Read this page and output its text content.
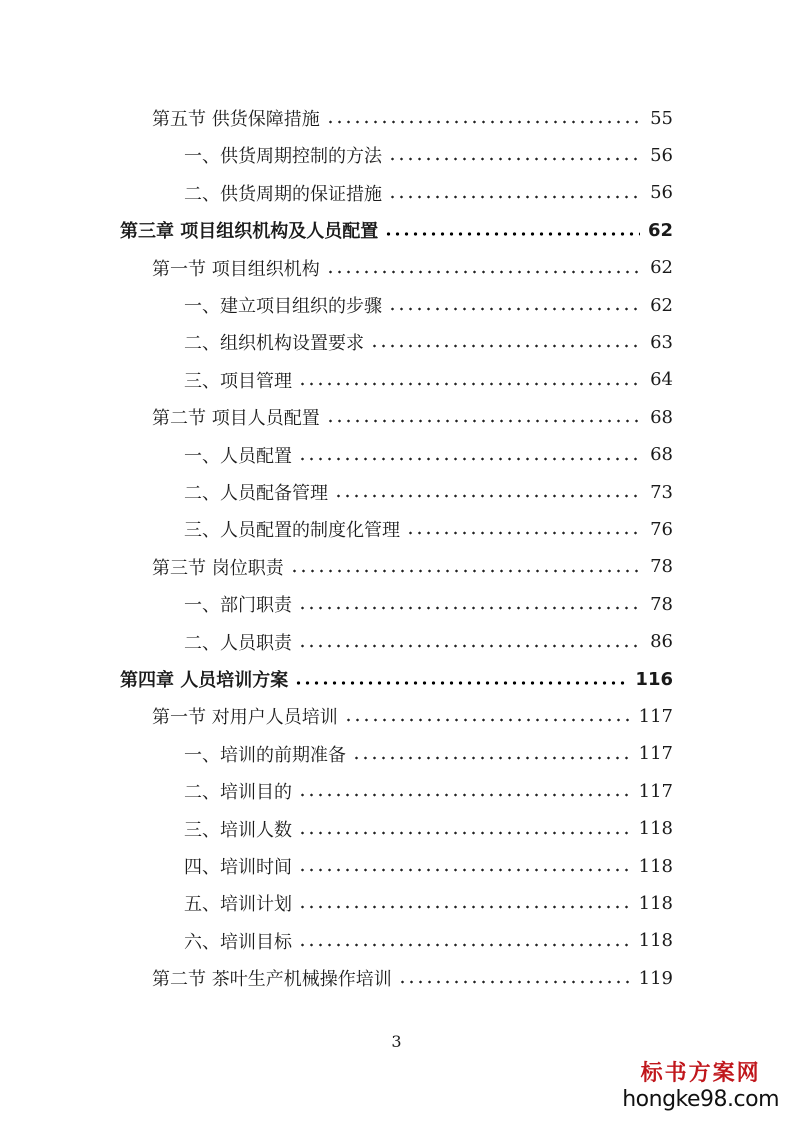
第五节 供货保障措施	55
一、供货周期控制的方法	56
二、供货周期的保证措施	56
第三章 项目组织机构及人员配置	62
第一节 项目组织机构	62
一、建立项目组织的步骤	62
二、组织机构设置要求	63
三、项目管理	64
第二节 项目人员配置	68
一、人员配置	68
二、人员配备管理	73
三、人员配置的制度化管理	76
第三节 岗位职责	78
一、部门职责	78
二、人员职责	86
第四章 人员培训方案	116
第一节 对用户人员培训	117
一、培训的前期准备	117
二、培训目的	117
三、培训人数	118
四、培训时间	118
五、培训计划	118
六、培训目标	118
第二节 茶叶生产机械操作培训	119
3
标书方案网
hongke98.com
